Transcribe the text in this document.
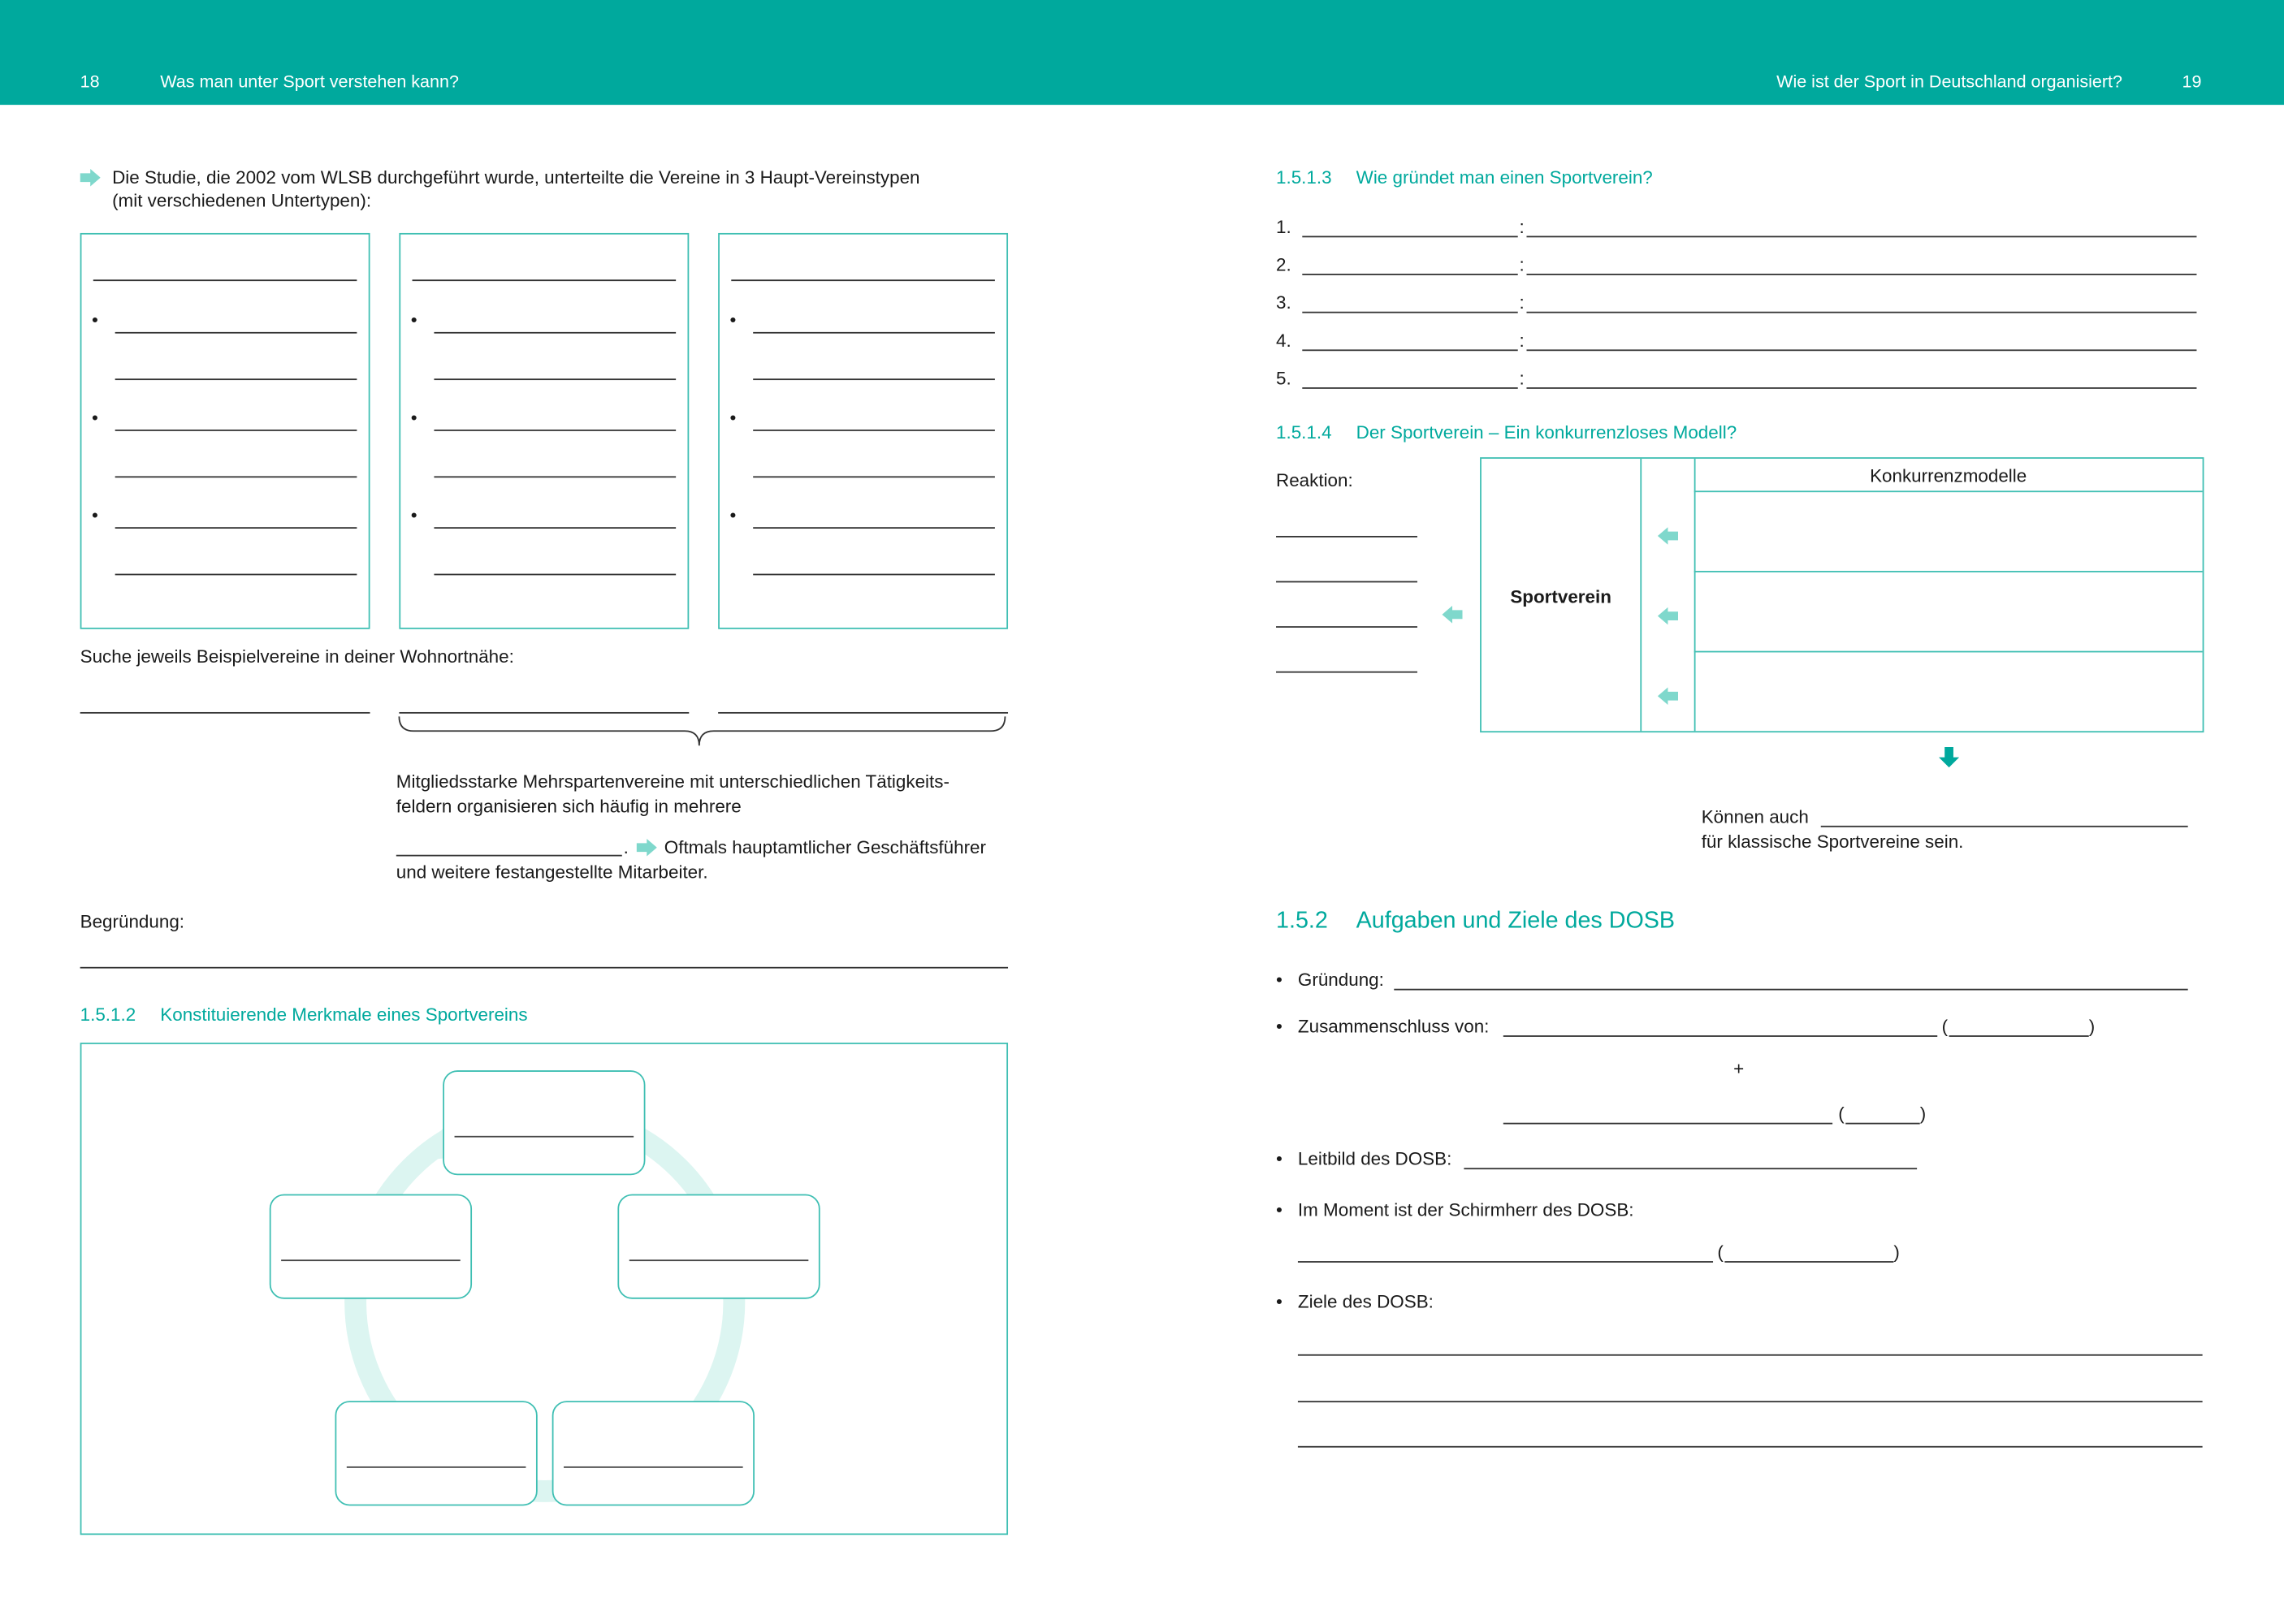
18	Was man unter Sport verstehen kann?	Wie ist der Sport in Deutschland organisiert?	19
Die Studie, die 2002 vom WLSB durchgeführt wurde, unterteilte die Vereine in 3 Haupt-Vereinstypen
(mit verschiedenen Untertypen):
•
•
•
•
•
•
•
•
•
Suche jeweils Beispielvereine in deiner Wohnortnähe:
Mitgliedsstarke Mehrspartenvereine mit unterschiedlichen Tätigkeits-
feldern organisieren sich häufig in mehrere
.	Oftmals hauptamtlicher Geschäftsführer
und weitere festangestellte Mitarbeiter.
Begründung:
1.5.1.2 Konstituierende Merkmale eines Sportvereins
1.5.1.3 Wie gründet man einen Sportverein?
1.	:
2.	:
3.	:
4.	:
5.	:
1.5.1.4 Der Sportverein – Ein konkurrenzloses Modell?
Reaktion:
Sportverein
Konkurrenzmodelle
Können auch
für klassische Sportvereine sein.
1.5.2 Aufgaben und Ziele des DOSB
• Gründung:
• Zusammenschluss von:	(	)
+
(	)
• Leitbild des DOSB:
• Im Moment ist der Schirmherr des DOSB:
(	)
• Ziele des DOSB:
